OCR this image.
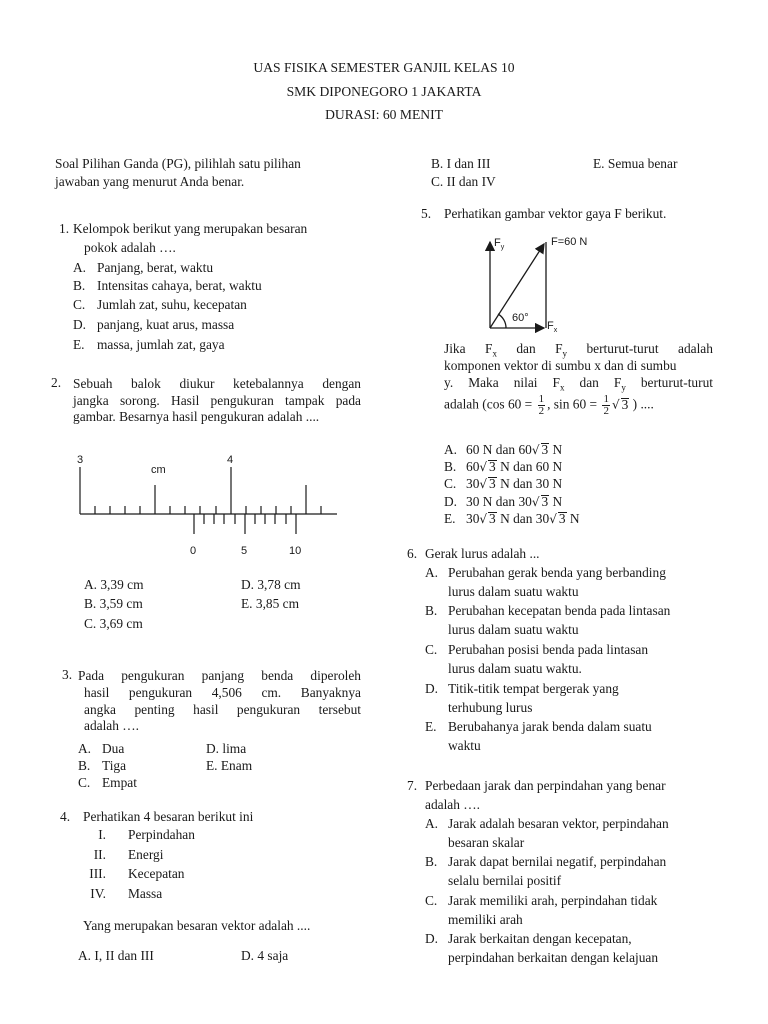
UAS FISIKA SEMESTER GANJIL KELAS 10
SMK DIPONEGORO 1 JAKARTA
DURASI: 60 MENIT
Soal Pilihan Ganda (PG), pilihlah satu pilihan
jawaban yang menurut Anda benar.
1. Kelompok berikut yang merupakan besaran
pokok adalah ….
A. Panjang, berat, waktu
B. Intensitas cahaya, berat, waktu
C. Jumlah zat, suhu, kecepatan
D. panjang, kuat arus, massa
E. massa, jumlah zat, gaya
2. Sebuah balok diukur ketebalannya dengan
jangka sorong. Hasil pengukuran tampak pada
gambar. Besarnya hasil pengukuran adalah ....
3	4
cm
0	5	10
A. 3,39 cm
B. 3,59 cm
C. 3,69 cm
D. 3,78 cm
E. 3,85 cm
3. Pada pengukuran panjang benda diperoleh
hasil pengukuran 4,506 cm. Banyaknya
angka penting hasil pengukuran tersebut
adalah ….
A. Dua
B. Tiga
C. Empat
D. lima
E. Enam
4. Perhatikan 4 besaran berikut ini
I. Perpindahan
II. Energi
III. Kecepatan
IV. Massa
Yang merupakan besaran vektor adalah ....
A. I, II dan III	D. 4 saja
B. I dan III
C. II dan IV
E. Semua benar
5. Perhatikan gambar vektor gaya F berikut.
$F_y$	F=60 N
$F_x$
60°
Jika $F_x$ dan $F_y$ berturut-turut adalah
komponen vektor di sumbu x dan di sumbu
y. Maka nilai $F_x$ dan $F_y$ berturut-turut
adalah (cos $60 = \frac{1}{2}$ , $\sin 60 = \frac{1}{2}$ √ 3 ) ....
A. 60 N dan 60√ 3 N
B. 60√ 3 N dan 60 N
C. 30√ 3 N dan 30 N
D. 30 N dan 30√ 3 N
E. 30√ 3 N dan 30√ 3 N
6. Gerak lurus adalah ...
A. Perubahan gerak benda yang berbanding
lurus dalam suatu waktu
B. Perubahan kecepatan benda pada lintasan
lurus dalam suatu waktu
C. Perubahan posisi benda pada lintasan
lurus dalam suatu waktu.
D. Titik-titik tempat bergerak yang
terhubung lurus
E. Berubahanya jarak benda dalam suatu
waktu
7. Perbedaan jarak dan perpindahan yang benar
adalah ….
A. Jarak adalah besaran vektor, perpindahan
besaran skalar
B. Jarak dapat bernilai negatif, perpindahan
selalu bernilai positif
C. Jarak memiliki arah, perpindahan tidak
memiliki arah
D. Jarak berkaitan dengan kecepatan,
perpindahan berkaitan dengan kelajuan
